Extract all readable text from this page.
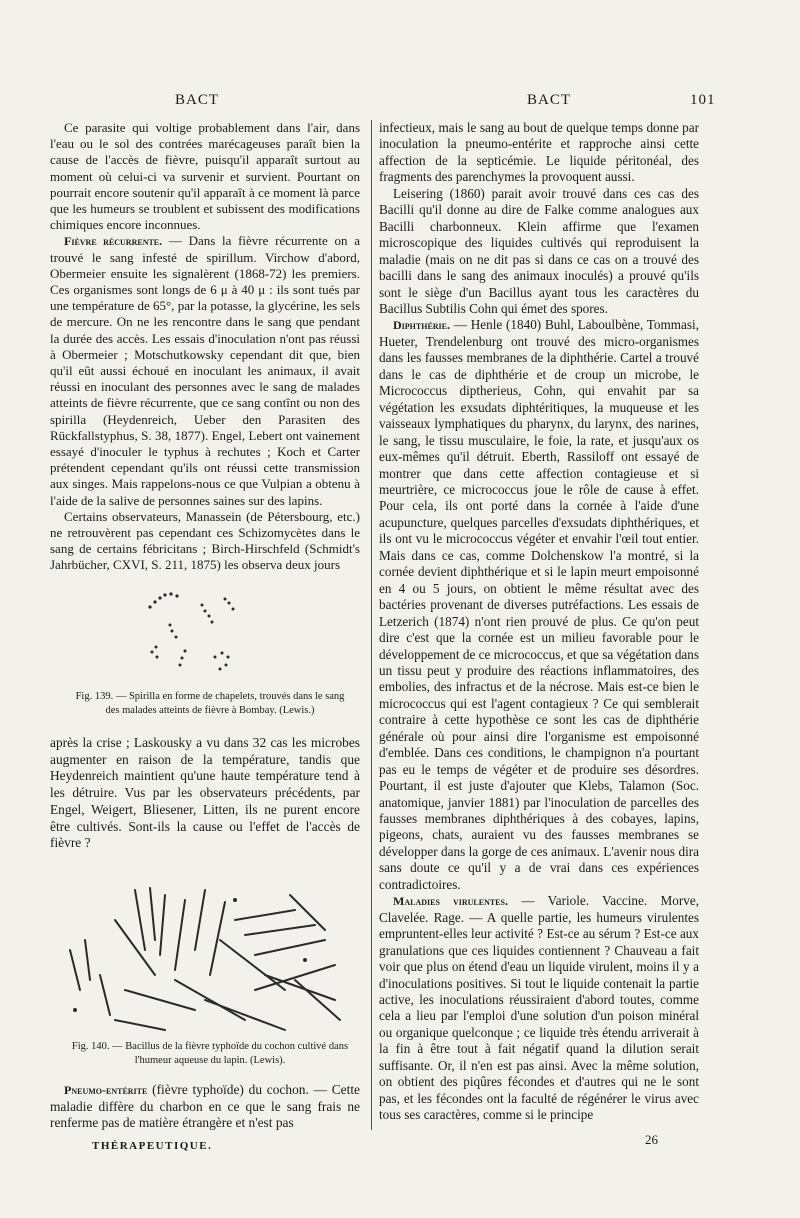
BACT	BACT	101

Ce parasite qui voltige probablement dans l'air, dans l'eau ou le sol des contrées marécageuses paraît bien la cause de l'accès de fièvre, puisqu'il apparaît surtout au moment où celui-ci va survenir et survient. Pourtant on pourrait encore soutenir qu'il apparaît à ce moment là parce que les humeurs se troublent et subissent des modifications chimiques encore inconnues.

Fièvre récurrente. — Dans la fièvre récurrente on a trouvé le sang infesté de spirillum. Virchow d'abord, Obermeier ensuite les signalèrent (1868-72) les premiers. Ces organismes sont longs de 6 μ à 40 μ : ils sont tués par une température de 65°, par la potasse, la glycérine, les sels de mercure. On ne les rencontre dans le sang que pendant la durée des accès. Les essais d'inoculation n'ont pas réussi à Obermeier ; Motschutkowsky cependant dit que, bien qu'il eût aussi échoué en inoculant les animaux, il avait réussi en inoculant des personnes avec le sang de malades atteints de fièvre récurrente, que ce sang contînt ou non des spirilla (Heydenreich, Ueber den Parasiten des Rückfallstyphus, S. 38, 1877). Engel, Lebert ont vainement essayé d'inoculer le typhus à rechutes ; Koch et Carter prétendent cependant qu'ils ont réussi cette transmission aux singes. Mais rappelons-nous ce que Vulpian a obtenu à l'aide de la salive de personnes saines sur des lapins.

Certains observateurs, Manassein (de Pétersbourg, etc.) ne retrouvèrent pas cependant ces Schizomycètes dans le sang de certains fébricitans ; Birch-Hirschfeld (Schmidt's Jahrbücher, CXVI, S. 211, 1875) les observa deux jours

Fig. 139. — Spirilla en forme de chapelets, trouvés dans le sang des malades atteints de fièvre à Bombay. (Lewis.)

après la crise ; Laskousky a vu dans 32 cas les microbes augmenter en raison de la température, tandis que Heydenreich maintient qu'une haute température tend à les détruire. Vus par les observateurs précédents, par Engel, Weigert, Bliesener, Litten, ils ne purent encore être cultivés. Sont-ils la cause ou l'effet de l'accès de fièvre ?

Fig. 140. — Bacillus de la fièvre typhoïde du cochon cultivé dans l'humeur aqueuse du lapin. (Lewis).

Pneumo-entérite (fièvre typhoïde) du cochon. — Cette maladie diffère du charbon en ce que le sang frais ne renferme pas de matière étrangère et n'est pas

THÉRAPEUTIQUE.

infectieux, mais le sang au bout de quelque temps donne par inoculation la pneumo-entérite et rapproche ainsi cette affection de la septicémie. Le liquide péritonéal, des fragments des parenchymes la provoquent aussi.

Leisering (1860) parait avoir trouvé dans ces cas des Bacilli qu'il donne au dire de Falke comme analogues aux Bacilli charbonneux. Klein affirme que l'examen microscopique des liquides cultivés qui reproduisent la maladie (mais on ne dit pas si dans ce cas on a trouvé des bacilli dans le sang des animaux inoculés) a prouvé qu'ils sont le siège d'un Bacillus ayant tous les caractères du Bacillus Subtilis Cohn qui émet des spores.

Diphthérie. — Henle (1840) Buhl, Laboulbène, Tommasi, Hueter, Trendelenburg ont trouvé des micro-organismes dans les fausses membranes de la diphthérie. Cartel a trouvé dans le cas de diphthérie et de croup un microbe, le Micrococcus diptherieus, Cohn, qui envahit par sa végétation les exsudats diphtéritiques, la muqueuse et les vaisseaux lymphatiques du pharynx, du larynx, des narines, le sang, le tissu musculaire, le foie, la rate, et jusqu'aux os eux-mêmes qu'il détruit. Eberth, Rassiloff ont essayé de montrer que dans cette affection contagieuse et si meurtrière, ce micrococcus joue le rôle de cause à effet. Pour cela, ils ont porté dans la cornée à l'aide d'une acupuncture, quelques parcelles d'exsudats diphthériques, et ils ont vu le micrococcus végéter et envahir l'œil tout entier. Mais dans ce cas, comme Dolchenskow l'a montré, si la cornée devient diphthérique et si le lapin meurt empoisonné en 4 ou 5 jours, on obtient le même résultat avec des bactéries provenant de diverses putréfactions. Les essais de Letzerich (1874) n'ont rien prouvé de plus. Ce qu'on peut dire c'est que la cornée est un milieu favorable pour le développement de ce micrococcus, et que sa végétation dans un tissu peut y produire des réactions inflammatoires, des embolies, des infractus et de la nécrose. Mais est-ce bien le micrococcus qui est l'agent contagieux ? Ce qui semblerait contraire à cette hypothèse ce sont les cas de diphthérie générale où pour ainsi dire l'organisme est empoisonné d'emblée. Dans ces conditions, le champignon n'a pourtant pas eu le temps de végéter et de produire ses désordres. Pourtant, il est juste d'ajouter que Klebs, Talamon (Soc. anatomique, janvier 1881) par l'inoculation de parcelles des fausses membranes diphthériques à des cobayes, lapins, pigeons, chats, auraient vu des fausses membranes se développer dans la gorge de ces animaux. L'avenir nous dira sans doute ce qu'il y a de vrai dans ces expériences contradictoires.

Maladies virulentes. — Variole. Vaccine. Morve, Clavelée. Rage. — A quelle partie, les humeurs virulentes empruntent-elles leur activité ? Est-ce au sérum ? Est-ce aux granulations que ces liquides contiennent ? Chauveau a fait voir que plus on étend d'eau un liquide virulent, moins il y a d'inoculations positives. Si tout le liquide contenait la partie active, les inoculations réussiraient d'abord toutes, comme cela a lieu par l'emploi d'une solution d'un poison minéral ou organique quelconque ; ce liquide très étendu arriverait à la fin à être tout à fait négatif quand la dilution serait suffisante. Or, il n'en est pas ainsi. Avec la même solution, on obtient des piqûres fécondes et d'autres qui ne le sont pas, et les fécondes ont la faculté de régénérer le virus avec tous ses caractères, comme si le principe

26
